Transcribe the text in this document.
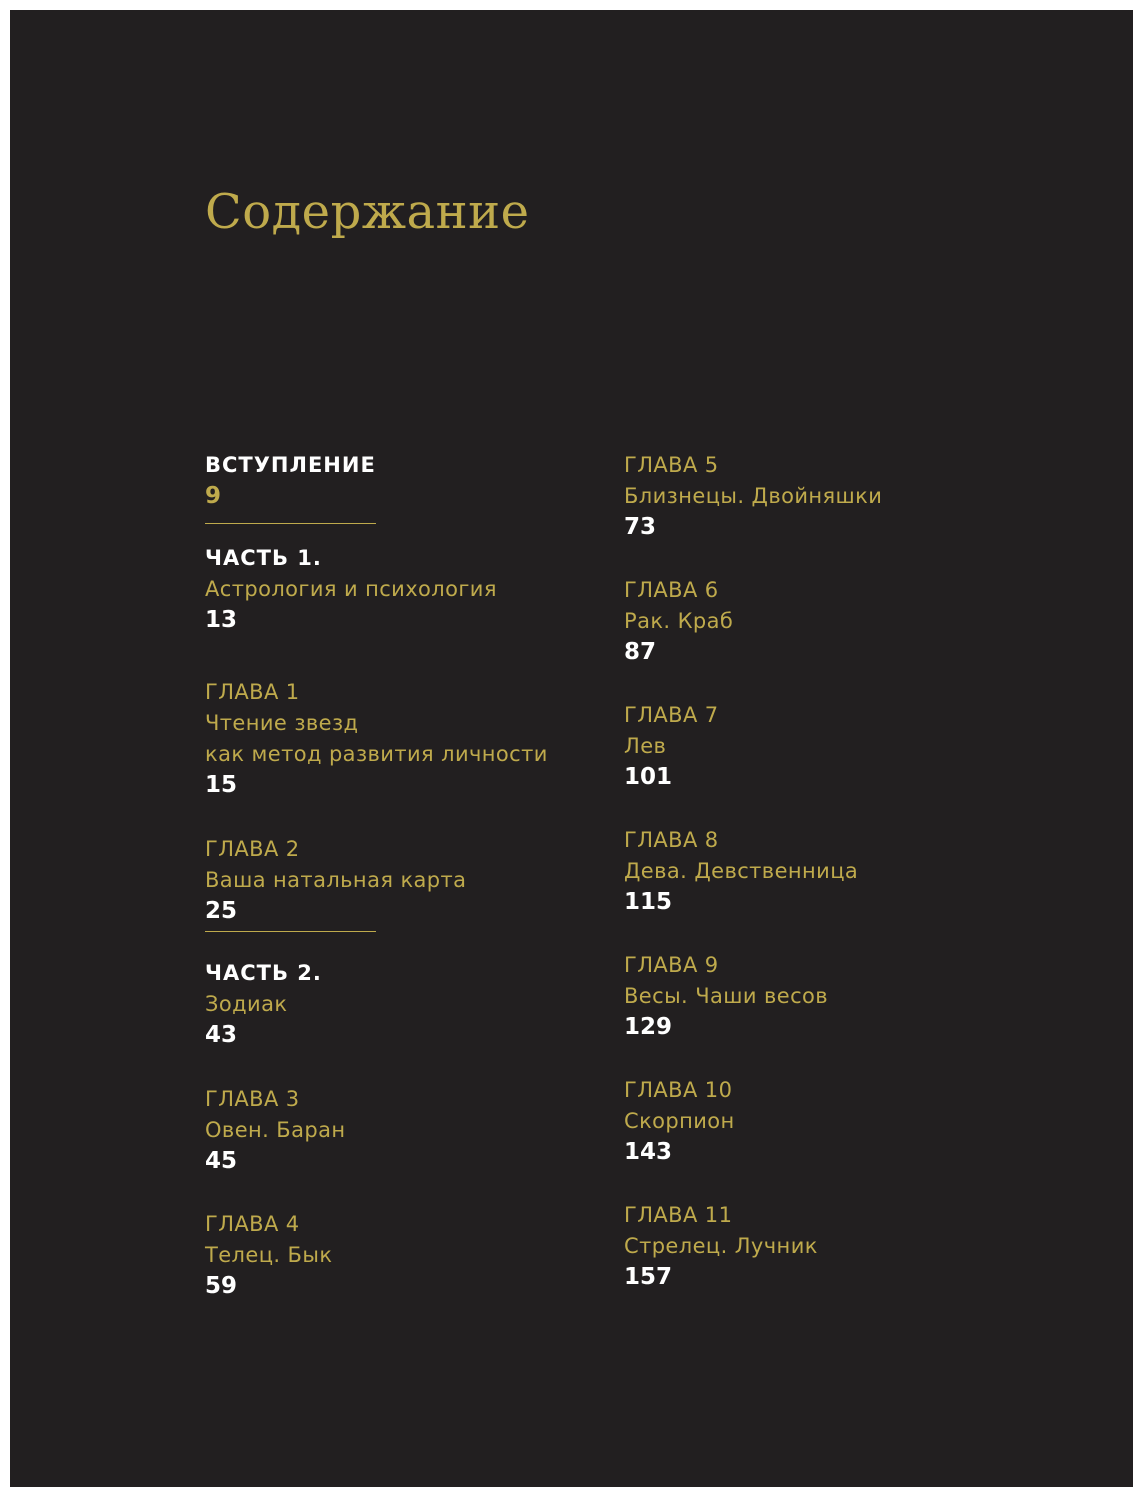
Содержание
ВСТУПЛЕНИЕ
9
ЧАСТЬ 1.
Астрология и психология
13
ГЛАВА 1
Чтение звезд
как метод развития личности
15
ГЛАВА 2
Ваша натальная карта
25
ЧАСТЬ 2.
Зодиак
43
ГЛАВА 3
Овен. Баран
45
ГЛАВА 4
Телец. Бык
59
ГЛАВА 5
Близнецы. Двойняшки
73
ГЛАВА 6
Рак. Краб
87
ГЛАВА 7
Лев
101
ГЛАВА 8
Дева. Девственница
115
ГЛАВА 9
Весы. Чаши весов
129
ГЛАВА 10
Скорпион
143
ГЛАВА 11
Стрелец. Лучник
157
